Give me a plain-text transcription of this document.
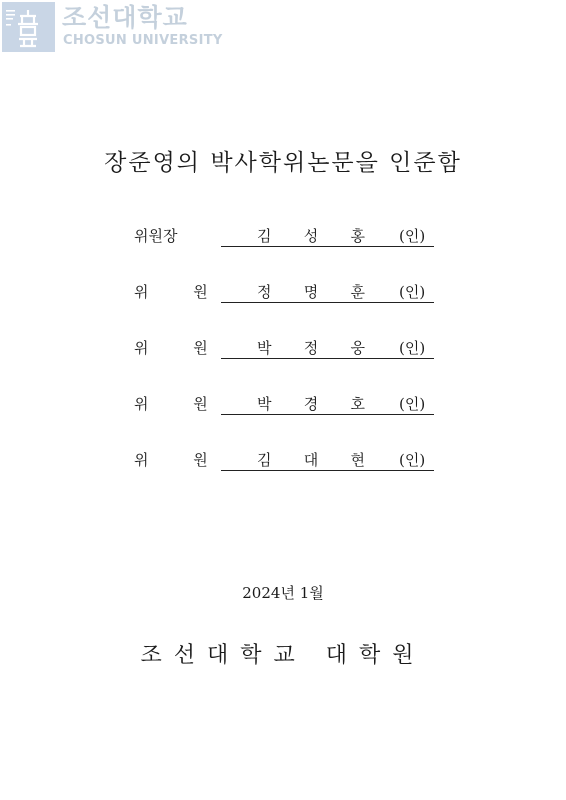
조선대학교
CHOSUN UNIVERSITY
장준영의 박사학위논문을 인준함
위원장	김 성 홍 (인)
위 원 정 명 훈 (인)
위 원 박 정 웅 (인)
위 원 박 경 호 (인)
위 원 김 대 현 (인)
2024년 1월
조선대학교 대학원
